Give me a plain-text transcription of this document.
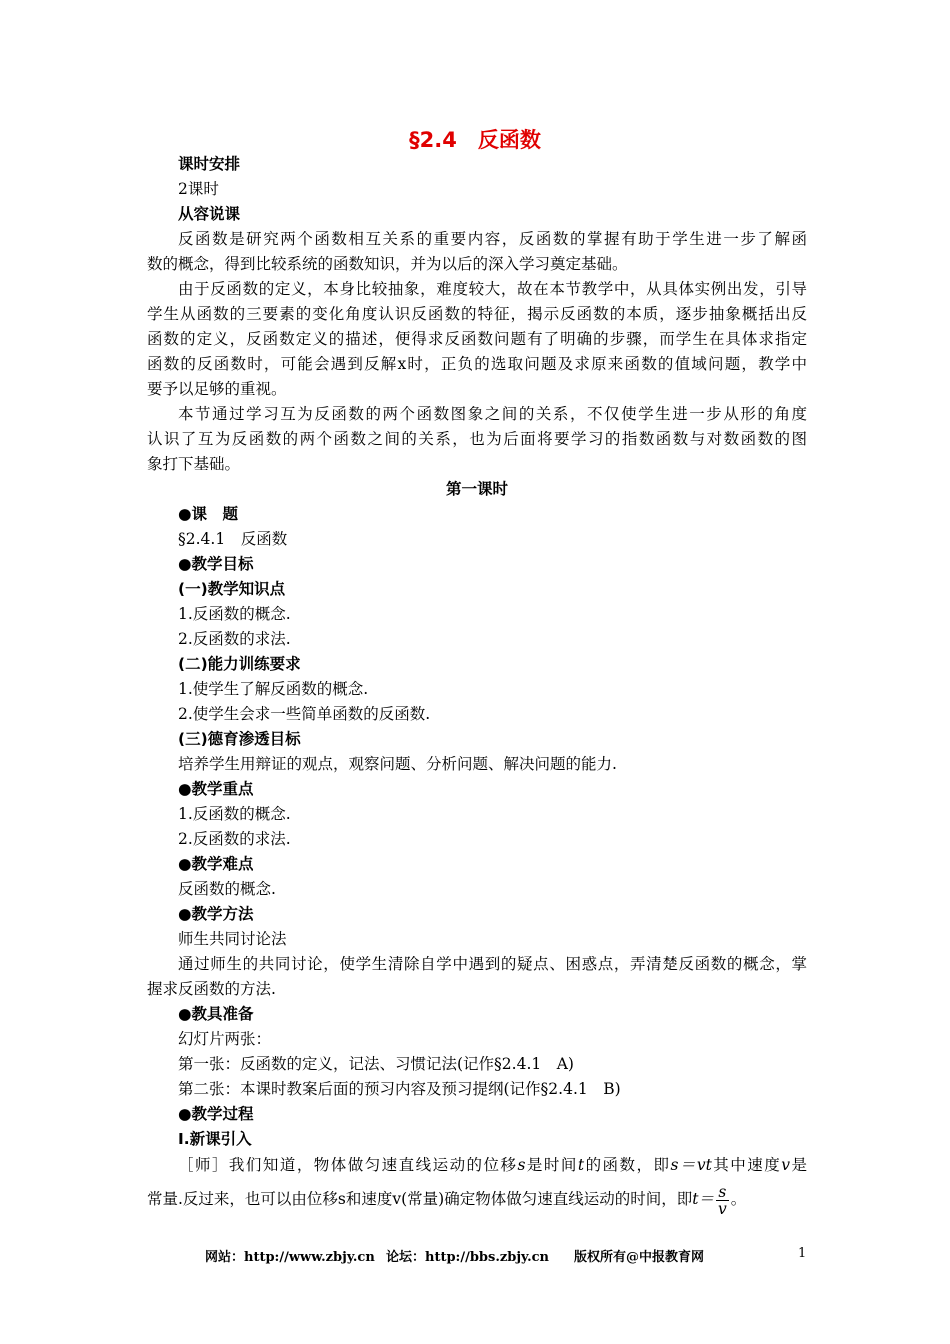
§2.4　反函数
课时安排
2课时
从容说课
反函数是研究两个函数相互关系的重要内容，反函数的掌握有助于学生进一步了解函
数的概念，得到比较系统的函数知识，并为以后的深入学习奠定基础。
由于反函数的定义，本身比较抽象，难度较大，故在本节教学中，从具体实例出发，引导
学生从函数的三要素的变化角度认识反函数的特征，揭示反函数的本质，逐步抽象概括出反
函数的定义，反函数定义的描述，便得求反函数问题有了明确的步骤，而学生在具体求指定
函数的反函数时，可能会遇到反解x时，正负的选取问题及求原来函数的值域问题，教学中
要予以足够的重视。
本节通过学习互为反函数的两个函数图象之间的关系，不仅使学生进一步从形的角度
认识了互为反函数的两个函数之间的关系，也为后面将要学习的指数函数与对数函数的图
象打下基础。
第一课时
●课　题
§2.4.1　反函数
●教学目标
(一)教学知识点
1.反函数的概念.
2.反函数的求法.
(二)能力训练要求
1.使学生了解反函数的概念.
2.使学生会求一些简单函数的反函数.
(三)德育渗透目标
培养学生用辩证的观点，观察问题、分析问题、解决问题的能力.
●教学重点
1.反函数的概念.
2.反函数的求法.
●教学难点
反函数的概念.
●教学方法
师生共同讨论法
通过师生的共同讨论，使学生清除自学中遇到的疑点、困惑点，弄清楚反函数的概念，掌
握求反函数的方法.
●教具准备
幻灯片两张：
第一张：反函数的定义，记法、习惯记法(记作§2.4.1　A)
第二张：本课时教案后面的预习内容及预习提纲(记作§2.4.1　B)
●教学过程
Ⅰ.新课引入
［师］我们知道，物体做匀速直线运动的位移s是时间t的函数，即s＝vt其中速度v是
常量.反过来，也可以由位移s和速度v(常量)确定物体做匀速直线运动的时间，即$t= \frac{s}{v}$ 。
网站：http://www.zbjy.cn 论坛：http://bbs.zbjy.cn 版权所有@中报教育网	1
